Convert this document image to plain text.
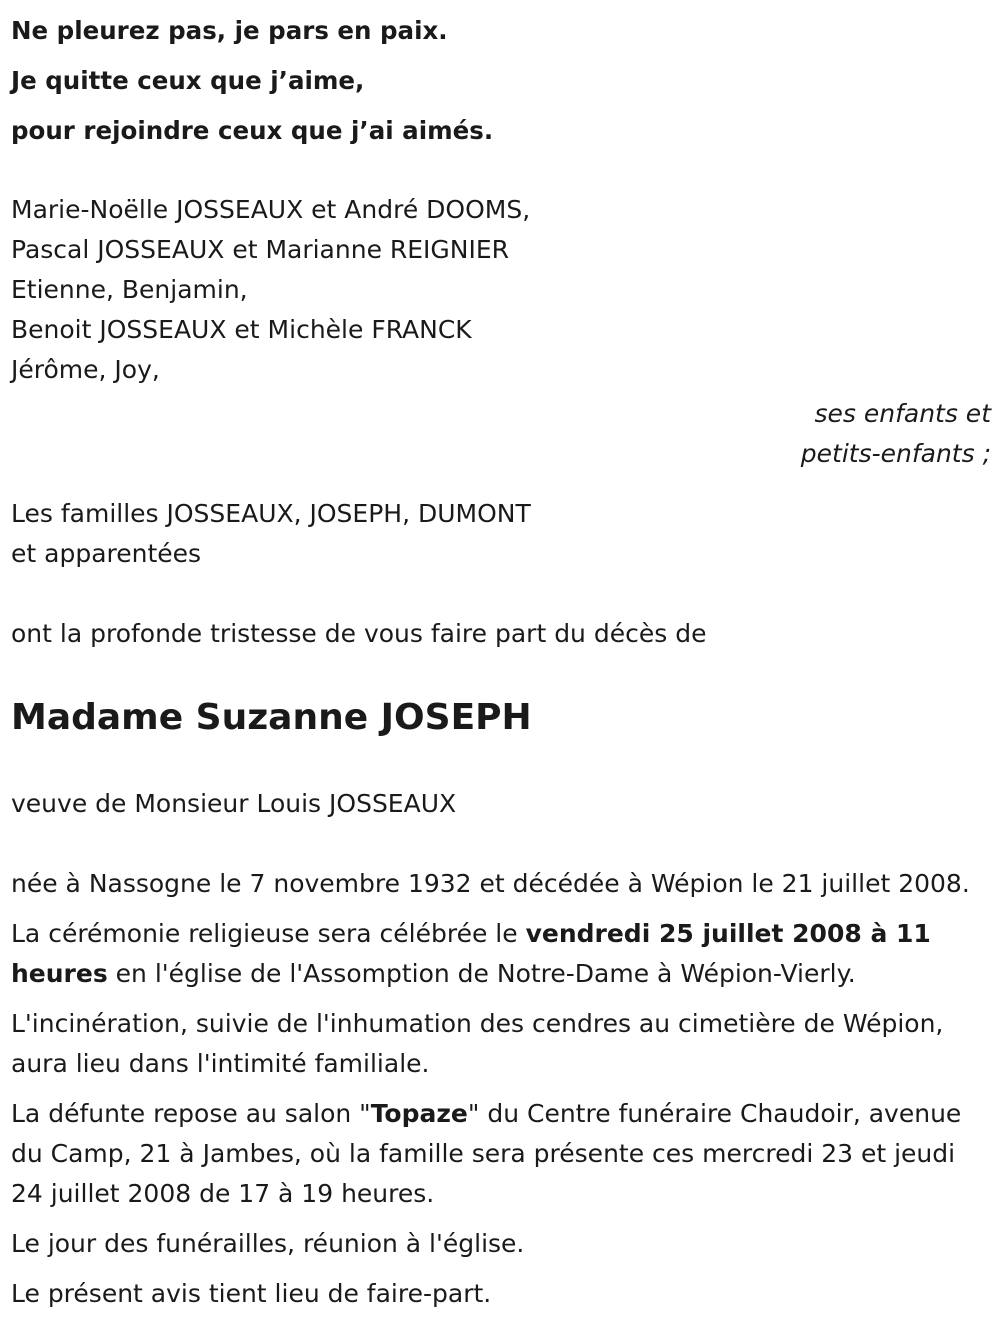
Ne pleurez pas, je pars en paix.

Je quitte ceux que j’aime,

pour rejoindre ceux que j’ai aimés.

Marie-Noëlle JOSSEAUX et André DOOMS,
Pascal JOSSEAUX et Marianne REIGNIER
Etienne, Benjamin,
Benoit JOSSEAUX et Michèle FRANCK
Jérôme, Joy,
ses enfants et
petits-enfants ;
Les familles JOSSEAUX, JOSEPH, DUMONT
et apparentées

ont la profonde tristesse de vous faire part du décès de

Madame Suzanne JOSEPH

veuve de Monsieur Louis JOSSEAUX

née à Nassogne le 7 novembre 1932 et décédée à Wépion le 21 juillet 2008.

La cérémonie religieuse sera célébrée le vendredi 25 juillet 2008 à 11 heures en l'église de l'Assomption de Notre-Dame à Wépion-Vierly.

L'incinération, suivie de l'inhumation des cendres au cimetière de Wépion, aura lieu dans l'intimité familiale.

La défunte repose au salon "Topaze" du Centre funéraire Chaudoir, avenue du Camp, 21 à Jambes, où la famille sera présente ces mercredi 23 et jeudi 24 juillet 2008 de 17 à 19 heures.

Le jour des funérailles, réunion à l'église.

Le présent avis tient lieu de faire-part.
